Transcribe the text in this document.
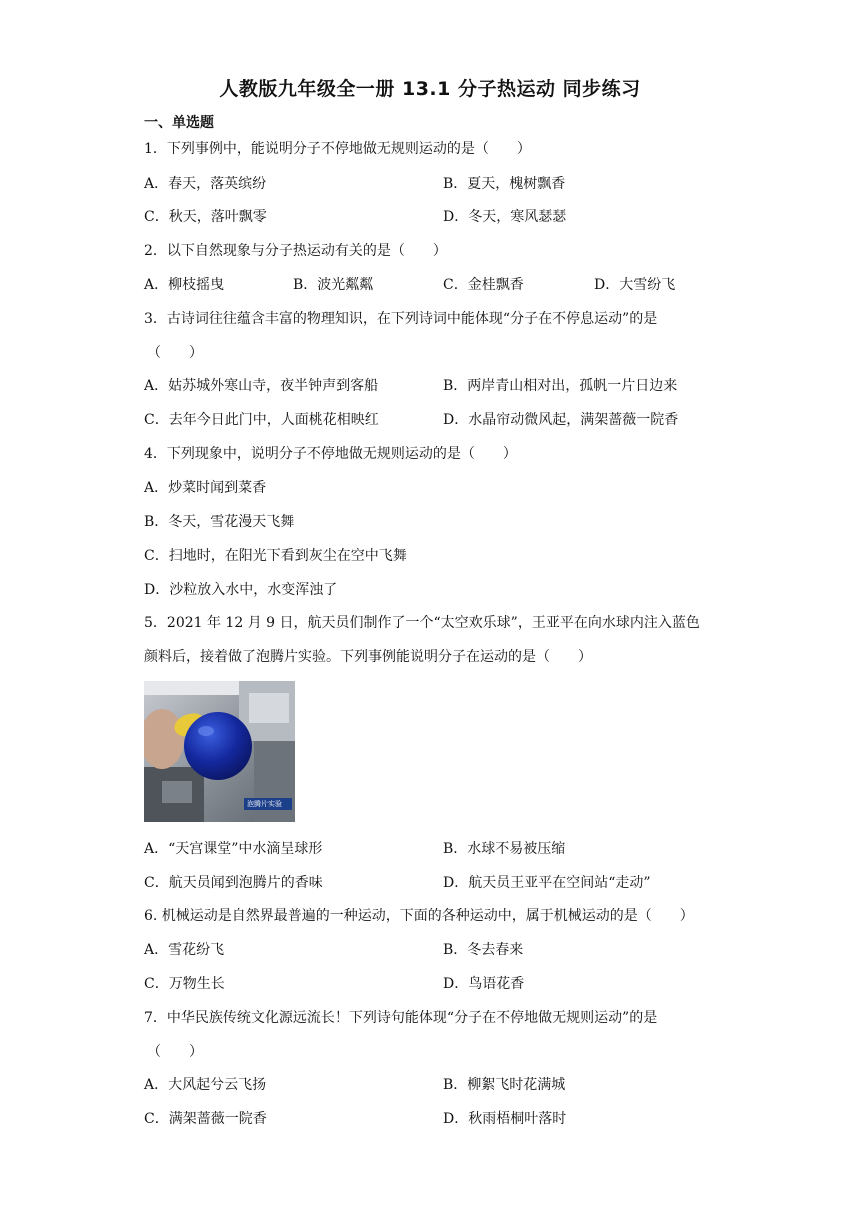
人教版九年级全一册 13.1 分子热运动 同步练习
一、单选题
1．下列事例中，能说明分子不停地做无规则运动的是（　　）
A．春天，落英缤纷	B．夏天，槐树飘香
C．秋天，落叶飘零	D．冬天，寒风瑟瑟
2．以下自然现象与分子热运动有关的是（　　）
A．柳枝摇曳	B．波光粼粼	C．金桂飘香	D．大雪纷飞
3．古诗词往往蕴含丰富的物理知识，在下列诗词中能体现“分子在不停息运动”的是
（　　）
A．姑苏城外寒山寺，夜半钟声到客船	B．两岸青山相对出，孤帆一片日边来
C．去年今日此门中，人面桃花相映红	D．水晶帘动微风起，满架蔷薇一院香
4．下列现象中，说明分子不停地做无规则运动的是（　　）
A．炒菜时闻到菜香
B．冬天，雪花漫天飞舞
C．扫地时，在阳光下看到灰尘在空中飞舞
D．沙粒放入水中，水变浑浊了
5．2021 年 12 月 9 日，航天员们制作了一个“太空欢乐球”，王亚平在向水球内注入蓝色
颜料后，接着做了泡腾片实验。下列事例能说明分子在运动的是（　　）
泡腾片实验
A．“天宫课堂”中水滴呈球形	B．水球不易被压缩
C．航天员闻到泡腾片的香味	D．航天员王亚平在空间站“走动”
6. 机械运动是自然界最普遍的一种运动，下面的各种运动中，属于机械运动的是（　　）
A．雪花纷飞	B．冬去春来
C．万物生长	D．鸟语花香
7．中华民族传统文化源远流长！下列诗句能体现“分子在不停地做无规则运动”的是
（　　）
A．大风起兮云飞扬	B．柳絮飞时花满城
C．满架蔷薇一院香	D．秋雨梧桐叶落时
